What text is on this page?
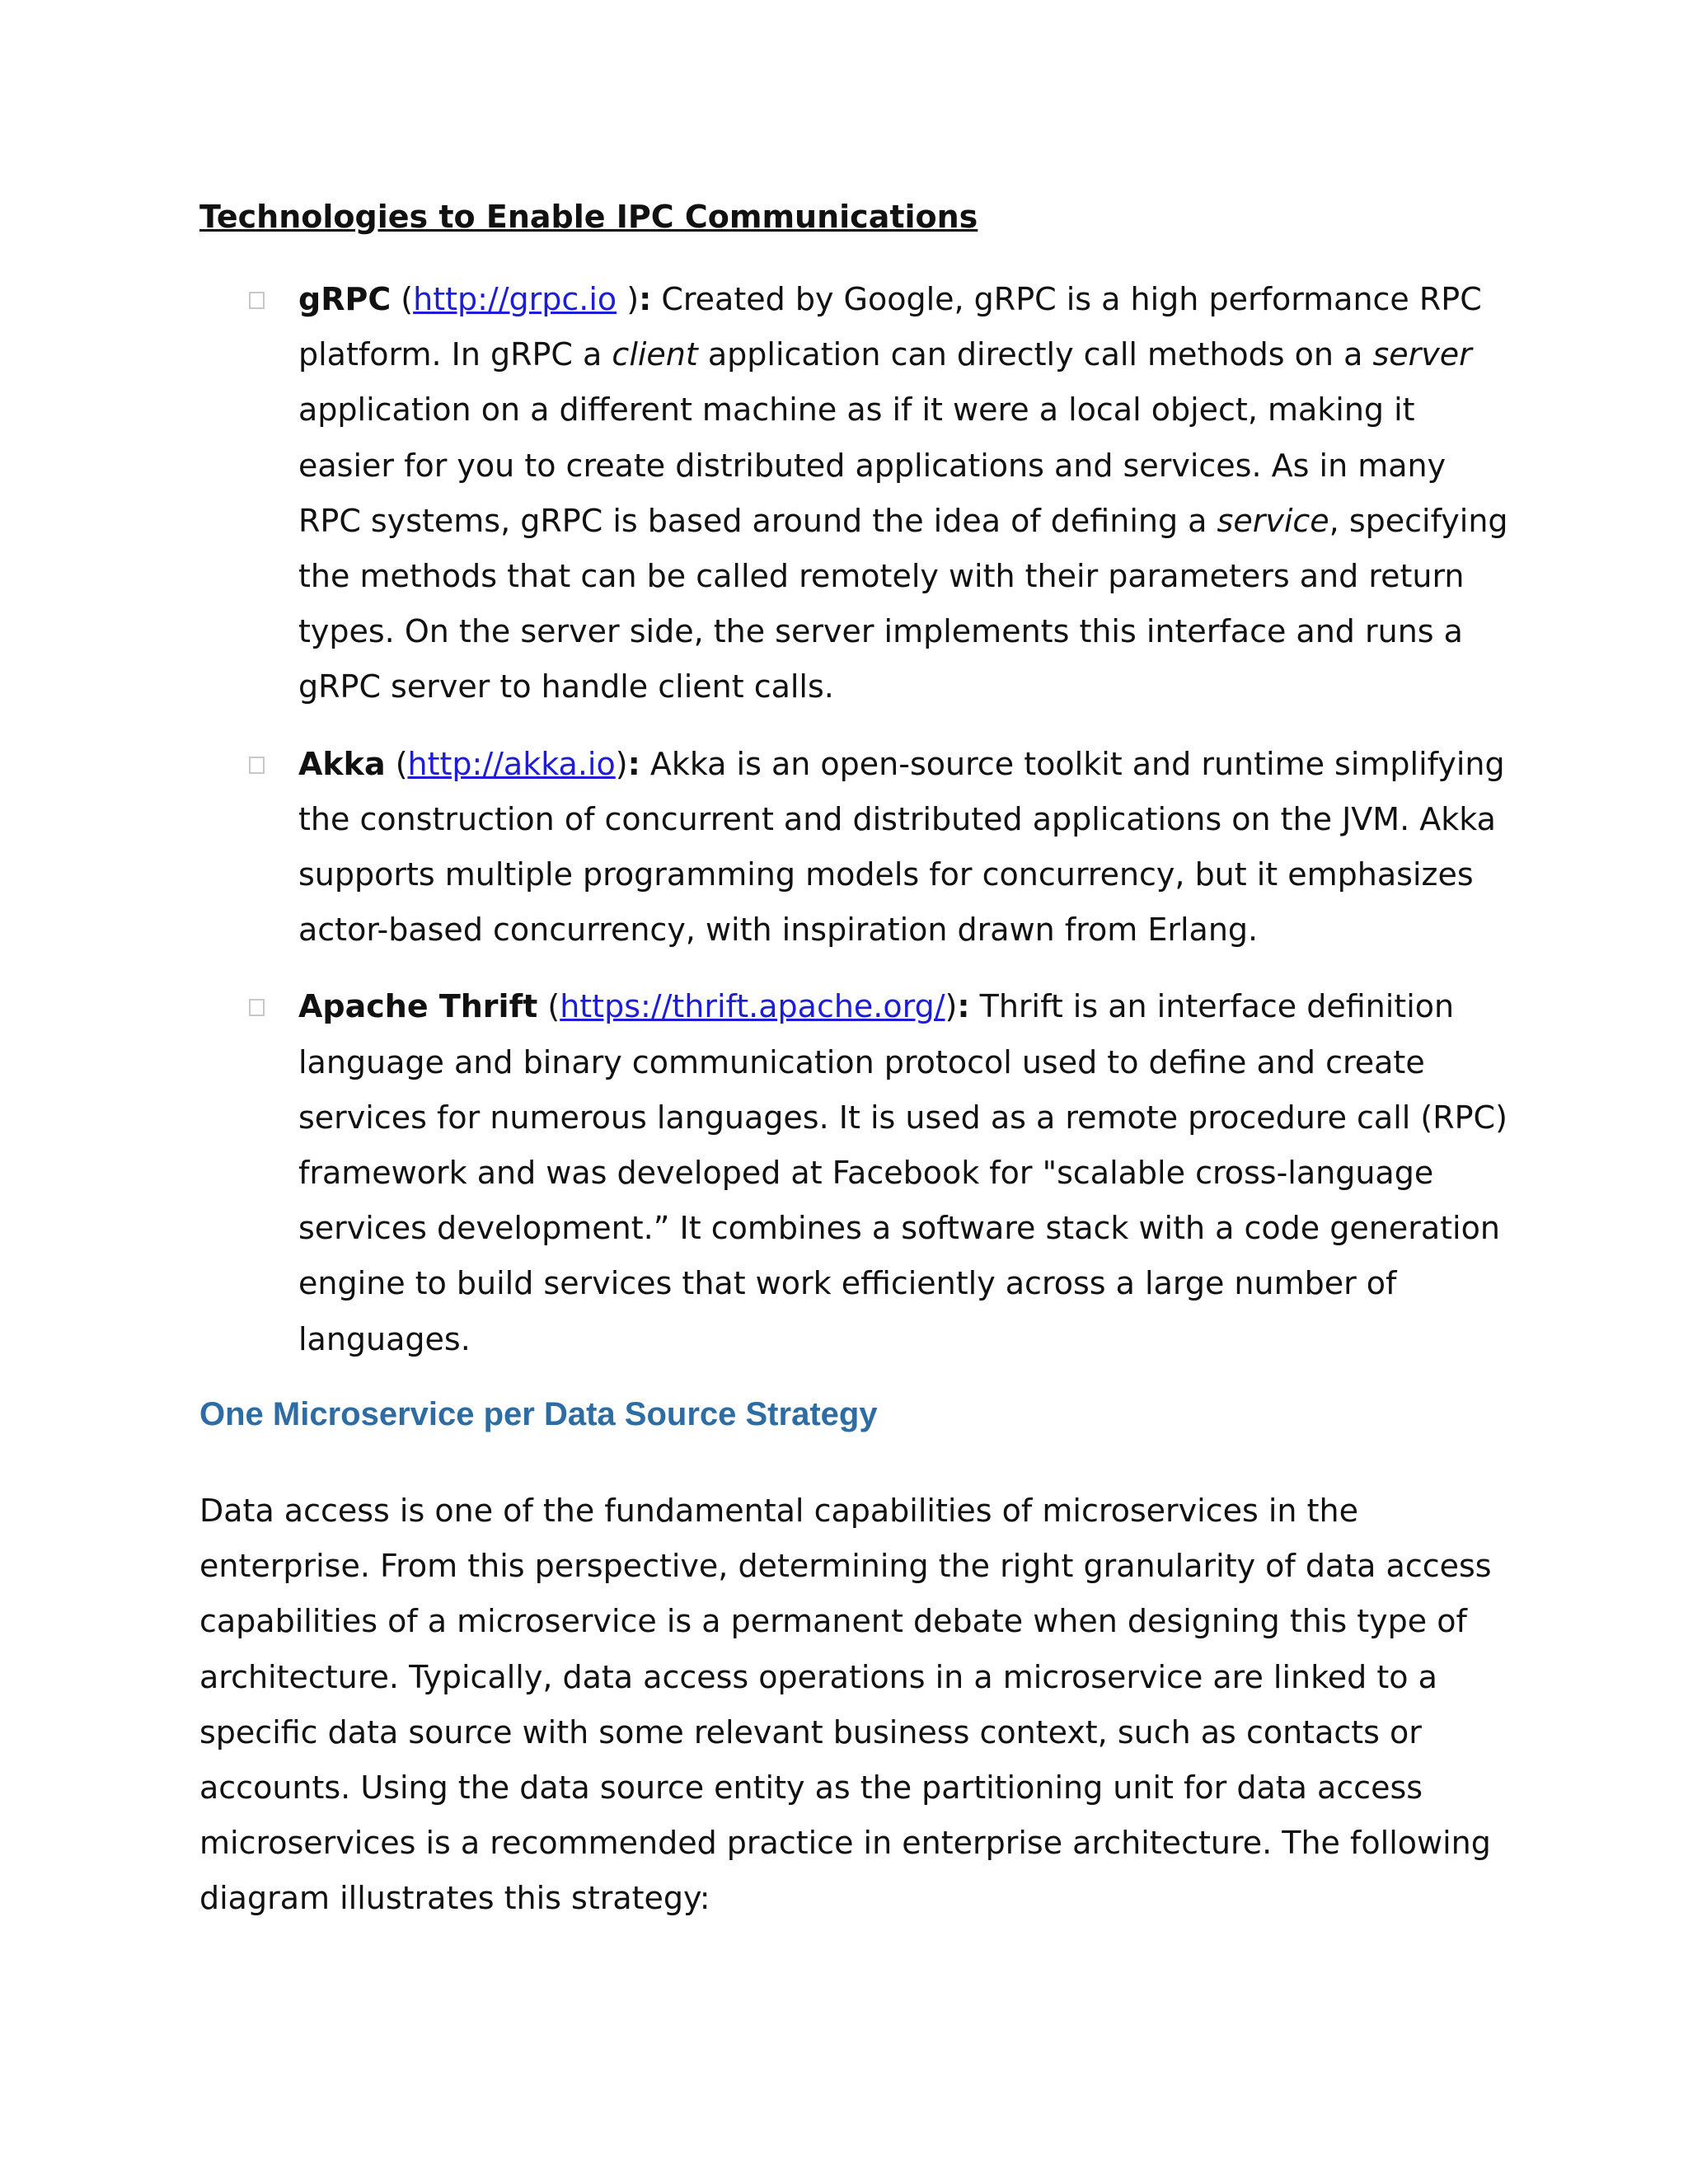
Technologies to Enable IPC Communications
gRPC (http://grpc.io ): Created by Google, gRPC is a high performance RPC platform. In gRPC a client application can directly call methods on a server application on a different machine as if it were a local object, making it easier for you to create distributed applications and services. As in many RPC systems, gRPC is based around the idea of defining a service, specifying the methods that can be called remotely with their parameters and return types. On the server side, the server implements this interface and runs a gRPC server to handle client calls.
Akka (http://akka.io): Akka is an open-source toolkit and runtime simplifying the construction of concurrent and distributed applications on the JVM. Akka supports multiple programming models for concurrency, but it emphasizes actor-based concurrency, with inspiration drawn from Erlang.
Apache Thrift (https://thrift.apache.org/): Thrift is an interface definition language and binary communication protocol used to define and create services for numerous languages. It is used as a remote procedure call (RPC) framework and was developed at Facebook for "scalable cross-language services development.” It combines a software stack with a code generation engine to build services that work efficiently across a large number of languages.
One Microservice per Data Source Strategy

Data access is one of the fundamental capabilities of microservices in the enterprise. From this perspective, determining the right granularity of data access capabilities of a microservice is a permanent debate when designing this type of architecture. Typically, data access operations in a microservice are linked to a specific data source with some relevant business context, such as contacts or accounts. Using the data source entity as the partitioning unit for data access microservices is a recommended practice in enterprise architecture. The following diagram illustrates this strategy:
